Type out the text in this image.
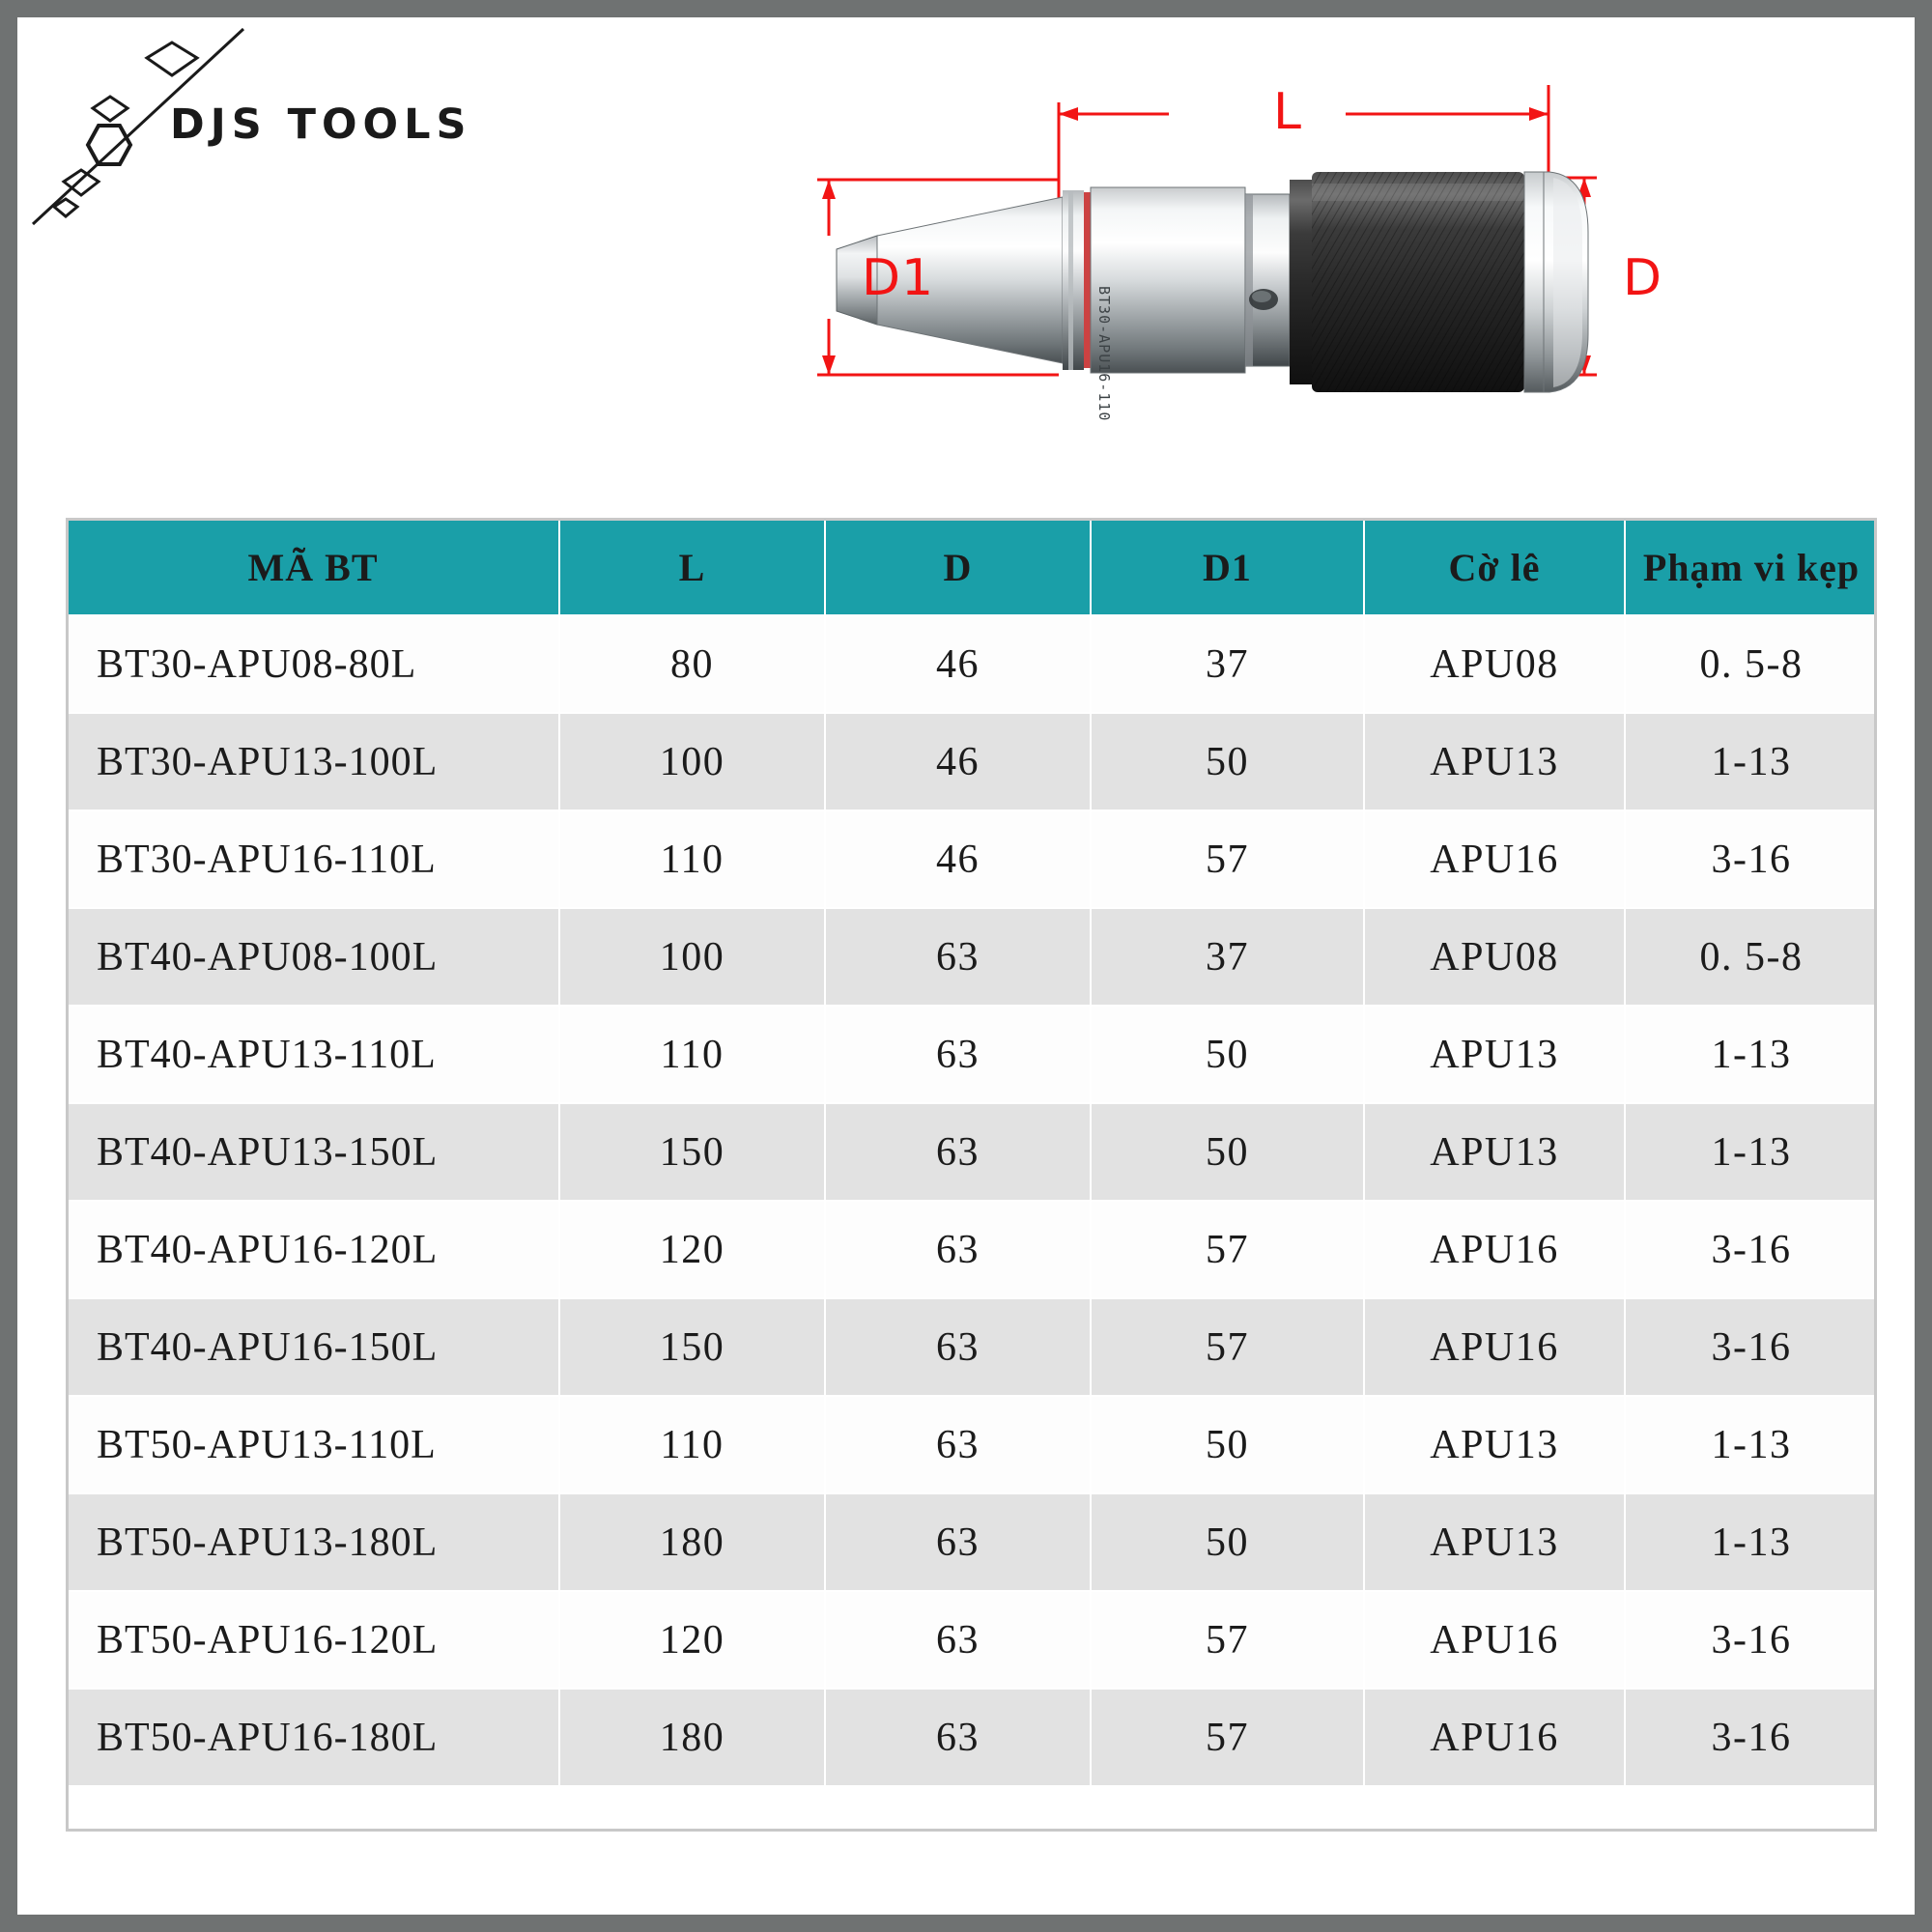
DJS TOOLS
BT30-APU16-110
L
D1	D
MÃ BT	L	D	D1	Cờ lê	Phạm vi kẹp
BT30-APU08-80L	80	46	37	APU08	0. 5-8
BT30-APU13-100L	100	46	50	APU13	1-13
BT30-APU16-110L	110	46	57	APU16	3-16
BT40-APU08-100L	100	63	37	APU08	0. 5-8
BT40-APU13-110L	110	63	50	APU13	1-13
BT40-APU13-150L	150	63	50	APU13	1-13
BT40-APU16-120L	120	63	57	APU16	3-16
BT40-APU16-150L	150	63	57	APU16	3-16
BT50-APU13-110L	110	63	50	APU13	1-13
BT50-APU13-180L	180	63	50	APU13	1-13
BT50-APU16-120L	120	63	57	APU16	3-16
BT50-APU16-180L	180	63	57	APU16	3-16
